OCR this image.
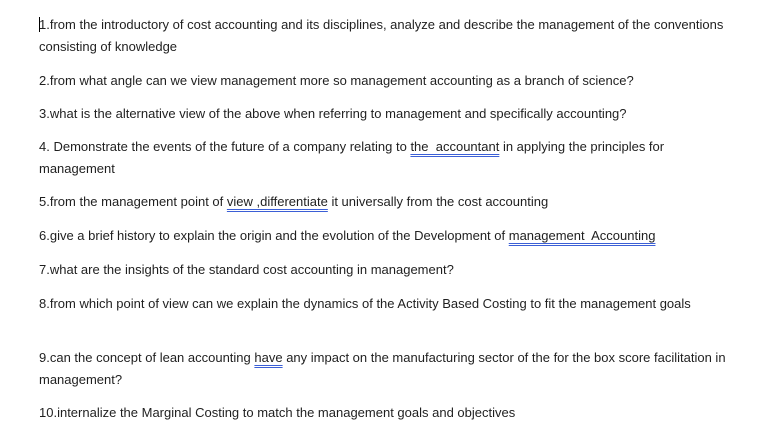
1.from the introductory of cost accounting and its disciplines, analyze and describe the management of the conventions consisting of knowledge

2.from what angle can we view management more so management accounting as a branch of science?

3.what is the alternative view of the above when referring to management and specifically accounting?

4. Demonstrate the events of the future of a company relating to the  accountant in applying the principles for management

5.from the management point of view ,differentiate it universally from the cost accounting

6.give a brief history to explain the origin and the evolution of the Development of management  Accounting

7.what are the insights of the standard cost accounting in management?

8.from which point of view can we explain the dynamics of the Activity Based Costing to fit the management goals

9.can the concept of lean accounting have any impact on the manufacturing sector of the for the box score facilitation in management?

10.internalize the Marginal Costing to match the management goals and objectives
